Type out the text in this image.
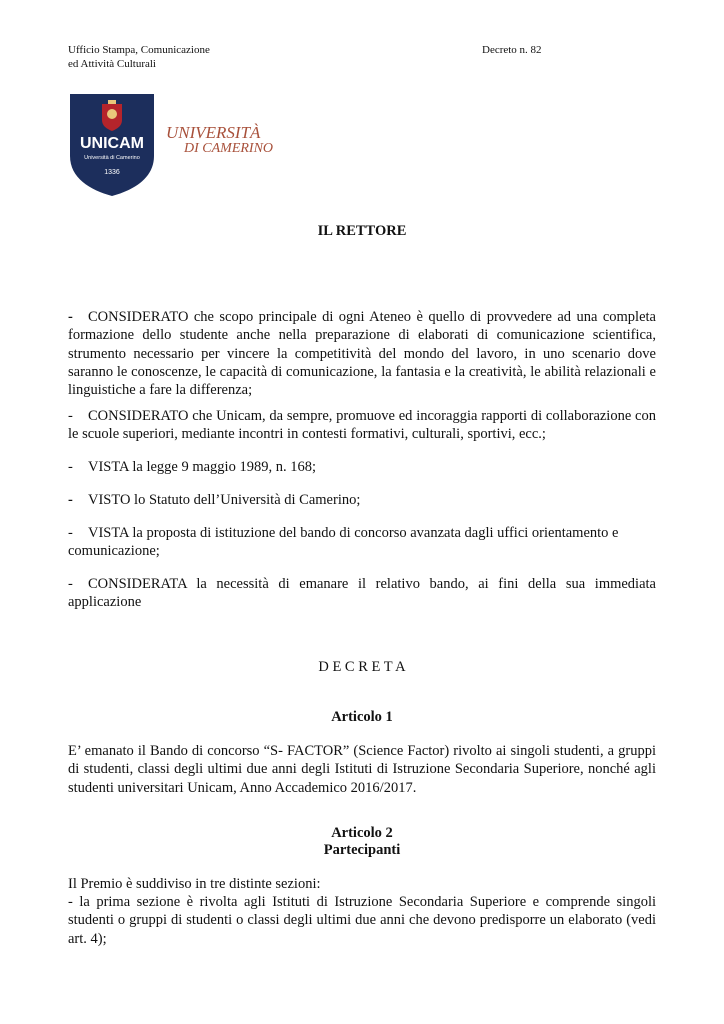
Ufficio Stampa, Comunicazione
ed Attività Culturali
Decreto n. 82
UNICAM
Università di Camerino
1336
UNIVERSITÀ
DI CAMERINO
IL RETTORE

- CONSIDERATO che scopo principale di ogni Ateneo è quello di provvedere ad una completa formazione dello studente anche nella preparazione di elaborati di comunicazione scientifica, strumento necessario per vincere la competitività del mondo del lavoro, in uno scenario dove saranno le conoscenze, le capacità di comunicazione, la fantasia e la creatività, le abilità relazionali e linguistiche a fare la differenza;

- CONSIDERATO che Unicam, da sempre, promuove ed incoraggia rapporti di collaborazione con le scuole superiori, mediante incontri in contesti formativi, culturali, sportivi, ecc.;

- VISTA la legge 9 maggio 1989, n. 168;

- VISTO lo Statuto dell’Università di Camerino;

- VISTA la proposta di istituzione del bando di concorso avanzata dagli uffici orientamento e comunicazione;

- CONSIDERATA la necessità di emanare il relativo bando, ai fini della sua immediata applicazione

D E C R E T A
Articolo 1

E’ emanato il Bando di concorso “S- FACTOR” (Science Factor) rivolto ai singoli studenti, a gruppi di studenti, classi degli ultimi due anni degli Istituti di Istruzione Secondaria Superiore, nonché agli studenti universitari Unicam, Anno Accademico 2016/2017.

Articolo 2
Partecipanti

Il Premio è suddiviso in tre distinte sezioni:

- la prima sezione è rivolta agli Istituti di Istruzione Secondaria Superiore e comprende singoli studenti o gruppi di studenti o classi degli ultimi due anni che devono predisporre un elaborato (vedi art. 4);
